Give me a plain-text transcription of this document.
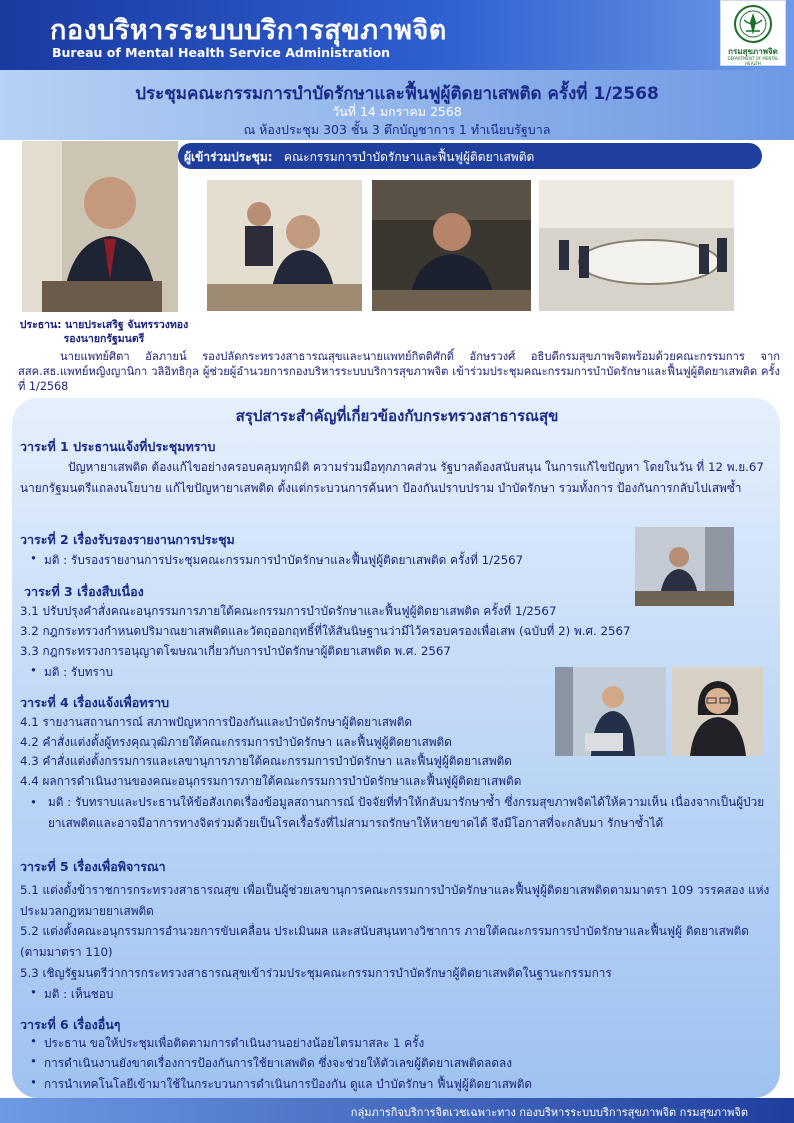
กองบริหารระบบบริการสุขภาพจิต
Bureau of Mental Health Service Administration	กรมสุขภาพจิต
DEPARTMENT OF MENTAL HEALTH
ประชุมคณะกรรมการบำบัดรักษาและฟื้นฟูผู้ติดยาเสพติด ครั้งที่ 1/2568
วันที่ 14 มกราคม 2568
ณ ห้องประชุม 303 ชั้น 3 ตึกบัญชาการ 1 ทำเนียบรัฐบาล
ผู้เข้าร่วมประชุม: คณะกรรมการบำบัดรักษาและฟื้นฟูผู้ติดยาเสพติด
ประธาน: นายประเสริฐ จันทรรวงทอง
รองนายกรัฐมนตรี
นายแพทย์ศิตา อัลภายน์ รองปลัดกระทรวงสาธารณสุขและนายแพทย์กิตติศักดิ์ อักษรวงศ์ อธิบดีกรมสุขภาพจิตพร้อมด้วยคณะกรรมการ จากสสค.สธ.แพทย์หญิงญานิกา วลิอิทธิกุล ผู้ช่วยผู้อำนวยการกองบริหารระบบบริการสุขภาพจิต เข้าร่วมประชุมคณะกรรมการบำบัดรักษาและฟื้นฟูผู้ติดยาเสพติด ครั้งที่ 1/2568
สรุปสาระสำคัญที่เกี่ยวข้องกับกระทรวงสาธารณสุข
วาระที่ 1 ประธานแจ้งที่ประชุมทราบ
ปัญหายาเสพติด ต้องแก้ไขอย่างครอบคลุมทุกมิติ ความร่วมมือทุกภาคส่วน รัฐบาลต้องสนับสนุน ในการแก้ไขปัญหา โดยในวัน ที่ 12 พ.ย.67 นายกรัฐมนตรีแถลงนโยบาย แก้ไขปัญหายาเสพติด ตั้งแต่กระบวนการค้นหา ป้องกันปราบปราม บำบัดรักษา รวมทั้งการ ป้องกันการกลับไปเสพซ้ำ
วาระที่ 2 เรื่องรับรองรายงานการประชุม
• มติ : รับรองรายงานการประชุมคณะกรรมการบำบัดรักษาและฟื้นฟูผู้ติดยาเสพติด ครั้งที่ 1/2567
วาระที่ 3 เรื่องสืบเนื่อง
3.1 ปรับปรุงคำสั่งคณะอนุกรรมการภายใต้คณะกรรมการบำบัดรักษาและฟื้นฟูผู้ติดยาเสพติด ครั้งที่ 1/2567
3.2 กฎกระทรวงกำหนดปริมาณยาเสพติดและวัตถุออกฤทธิ์ที่ให้สันนิษฐานว่ามีไว้ครอบครองเพื่อเสพ (ฉบับที่ 2) พ.ศ. 2567
3.3 กฎกระทรวงการอนุญาตโฆษณาเกี่ยวกับการบำบัดรักษาผู้ติดยาเสพติด พ.ศ. 2567
• มติ : รับทราบ
วาระที่ 4 เรื่องแจ้งเพื่อทราบ
4.1 รายงานสถานการณ์ สภาพปัญหาการป้องกันและบำบัดรักษาผู้ติดยาเสพติด
4.2 คำสั่งแต่งตั้งผู้ทรงคุณวุฒิภายใต้คณะกรรมการบำบัดรักษา และฟื้นฟูผู้ติดยาเสพติด
4.3 คำสั่งแต่งตั้งกรรมการและเลขานุการภายใต้คณะกรรมการบำบัดรักษา และฟื้นฟูผู้ติดยาเสพติด
4.4 ผลการดำเนินงานของคณะอนุกรรมการภายใต้คณะกรรมการบำบัดรักษาและฟื้นฟูผู้ติดยาเสพติด
• มติ : รับทราบและประธานให้ข้อสังเกตเรื่องข้อมูลสถานการณ์ ปัจจัยที่ทำให้กลับมารักษาซ้ำ ซึ่งกรมสุขภาพจิตได้ให้ความเห็น เนื่องจากเป็นผู้ป่วยยาเสพติดและอาจมีอาการทางจิตร่วมด้วยเป็นโรคเรื้อรังที่ไม่สามารถรักษาให้หายขาดได้ จึงมีโอกาสที่จะกลับมา รักษาซ้ำได้
วาระที่ 5 เรื่องเพื่อพิจารณา
5.1 แต่งตั้งข้าราชการกระทรวงสาธารณสุข เพื่อเป็นผู้ช่วยเลขานุการคณะกรรมการบำบัดรักษาและฟื้นฟูผู้ติดยาเสพติดตามมาตรา 109 วรรคสอง แห่งประมวลกฎหมายยาเสพติด
5.2 แต่งตั้งคณะอนุกรรมการอำนวยการขับเคลื่อน ประเมินผล และสนับสนุนทางวิชาการ ภายใต้คณะกรรมการบำบัดรักษาและฟื้นฟูผู้ ติดยาเสพติด (ตามมาตรา 110)
5.3 เชิญรัฐมนตรีว่าการกระทรวงสาธารณสุขเข้าร่วมประชุมคณะกรรมการบำบัดรักษาผู้ติดยาเสพติดในฐานะกรรมการ
• มติ : เห็นชอบ
วาระที่ 6 เรื่องอื่นๆ
• ประธาน ขอให้ประชุมเพื่อติดตามการดำเนินงานอย่างน้อยไตรมาสละ 1 ครั้ง
• การดำเนินงานยังขาดเรื่องการป้องกันการใช้ยาเสพติด ซึ่งจะช่วยให้ตัวเลขผู้ติดยาเสพติดลดลง
• การนำเทคโนโลยีเข้ามาใช้ในกระบวนการดำเนินการป้องกัน ดูแล บำบัดรักษา ฟื้นฟูผู้ติดยาเสพติด
กลุ่มภารกิจบริการจิตเวชเฉพาะทาง กองบริหารระบบบริการสุขภาพจิต กรมสุขภาพจิต
